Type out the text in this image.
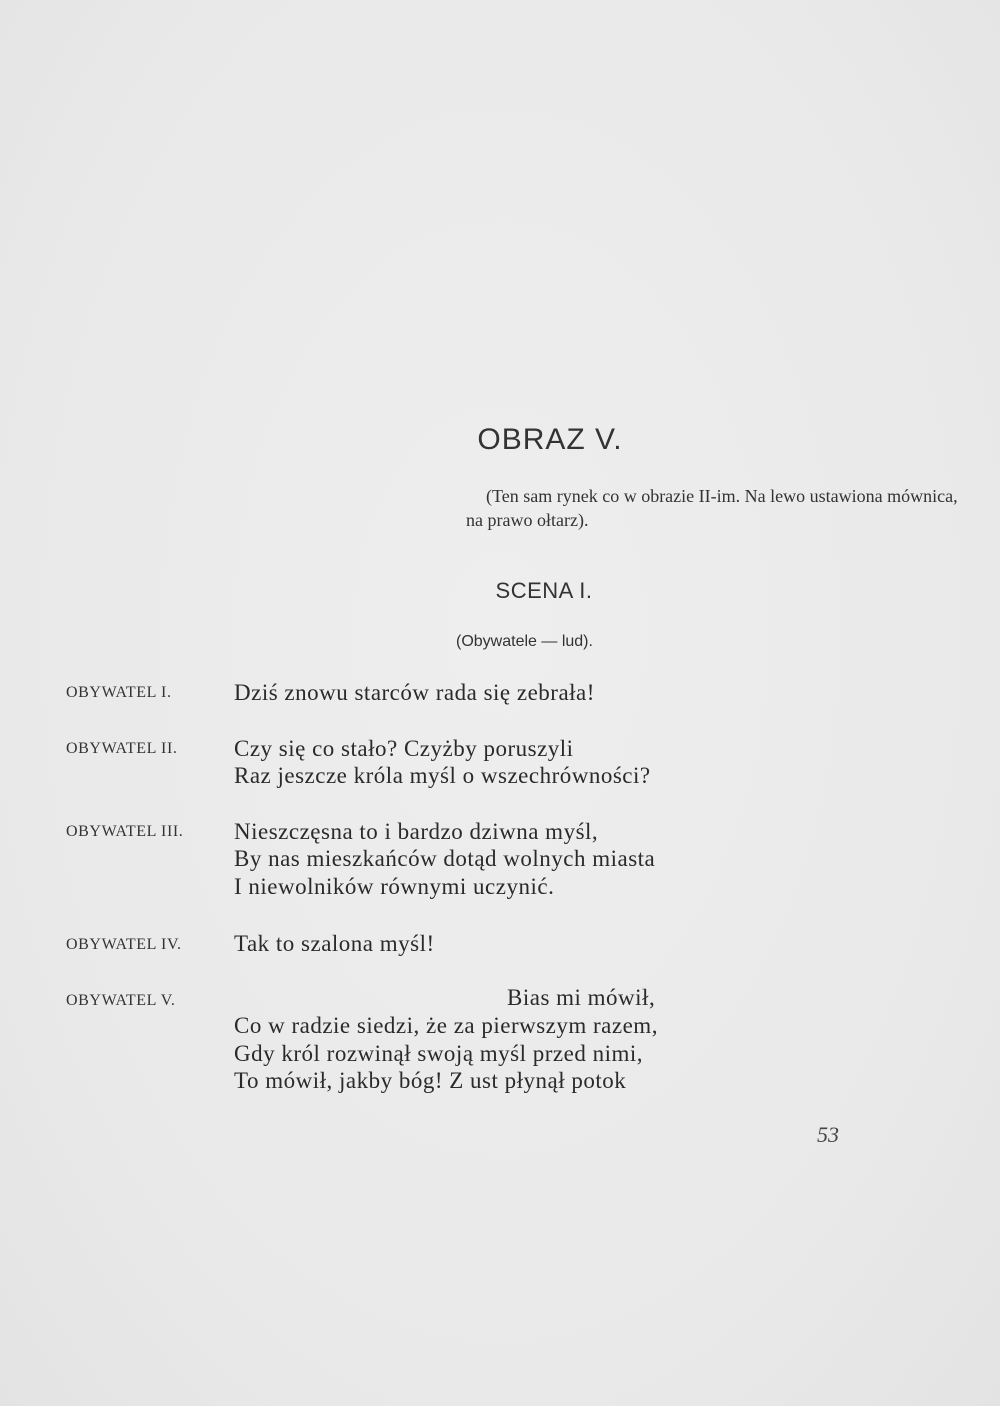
OBRAZ V.
(Ten sam rynek co w obrazie II-im. Na lewo ustawiona mównica,
na prawo ołtarz).
SCENA I.
(Obywatele — lud).
OBYWATEL I.	Dziś znowu starców rada się zebrała!
OBYWATEL II. Czy się co stało? Czyżby poruszyli
Raz jeszcze króla myśl o wszechrówności?
OBYWATEL III. Nieszczęsna to i bardzo dziwna myśl,
By nas mieszkańców dotąd wolnych miasta
I niewolników równymi uczynić.
OBYWATEL IV. Tak to szalona myśl!
OBYWATEL V.	Bias mi mówił,
Co w radzie siedzi, że za pierwszym razem,
Gdy król rozwinął swoją myśl przed nimi,
To mówił, jakby bóg! Z ust płynął potok
53
